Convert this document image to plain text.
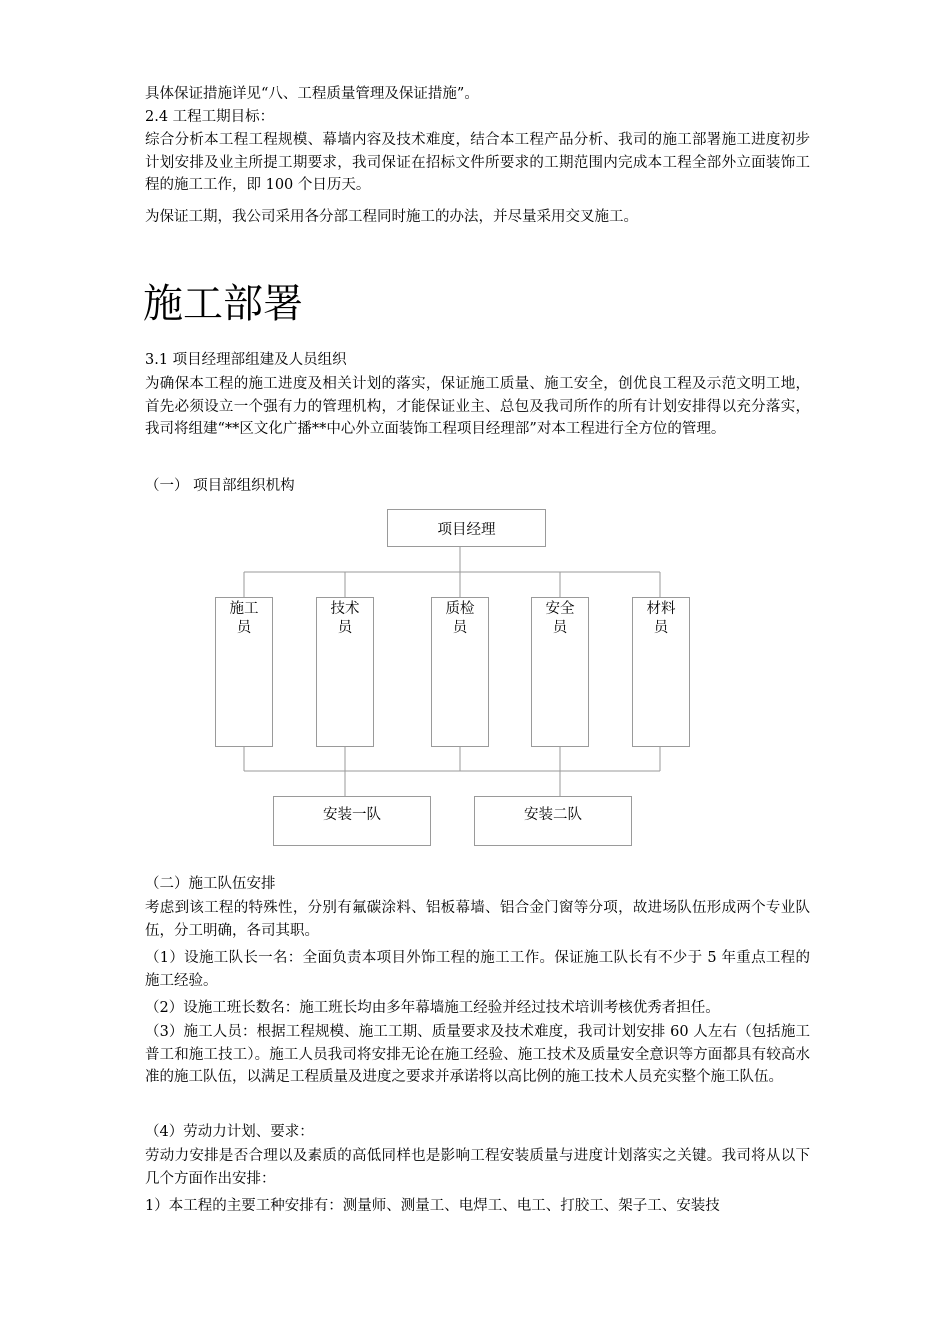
具体保证措施详见“八、工程质量管理及保证措施”。

2.4 工程工期目标：

综合分析本工程工程规模、幕墙内容及技术难度，结合本工程产品分析、我司的施工部署施工进度初步计划安排及业主所提工期要求，我司保证在招标文件所要求的工期范围内完成本工程全部外立面装饰工程的施工工作，即 100 个日历天。

为保证工期，我公司采用各分部工程同时施工的办法，并尽量采用交叉施工。

施工部署

3.1 项目经理部组建及人员组织

为确保本工程的施工进度及相关计划的落实，保证施工质量、施工安全，创优良工程及示范文明工地，首先必须设立一个强有力的管理机构，才能保证业主、总包及我司所作的所有计划安排得以充分落实，我司将组建“**区文化广播**中心外立面装饰工程项目经理部”对本工程进行全方位的管理。

（一） 项目部组织机构

项目经理
施工员
技术员
质检员
安全员
材料员
安装一队	安装二队

（二）施工队伍安排

考虑到该工程的特殊性，分别有氟碳涂料、铝板幕墙、铝合金门窗等分项，故进场队伍形成两个专业队伍，分工明确，各司其职。

（1）设施工队长一名：全面负责本项目外饰工程的施工工作。保证施工队长有不少于 5 年重点工程的施工经验。

（2）设施工班长数名：施工班长均由多年幕墙施工经验并经过技术培训考核优秀者担任。

（3）施工人员：根据工程规模、施工工期、质量要求及技术难度，我司计划安排 60 人左右（包括施工普工和施工技工）。施工人员我司将安排无论在施工经验、施工技术及质量安全意识等方面都具有较高水准的施工队伍，以满足工程质量及进度之要求并承诺将以高比例的施工技术人员充实整个施工队伍。

（4）劳动力计划、要求：

劳动力安排是否合理以及素质的高低同样也是影响工程安装质量与进度计划落实之关键。我司将从以下几个方面作出安排：

1）本工程的主要工种安排有：测量师、测量工、电焊工、电工、打胶工、架子工、安装技
